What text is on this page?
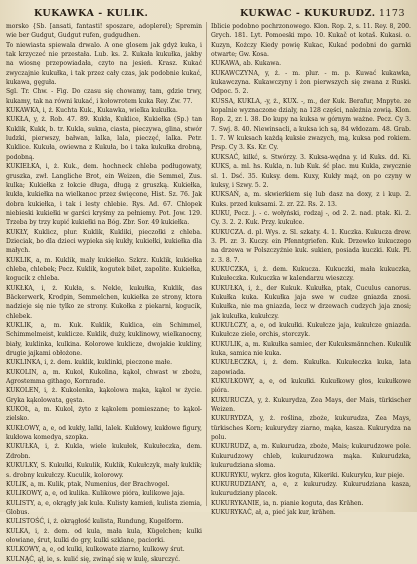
KUKAWKA - KULIK.	KUKWAC - KUKURUDZ. 1173

morsko {Sb. [ansati, fantasti! sposzare, adoplerel); Spremin wie ber Gudgut, Gudgut rufen, gudgudhen.

To niewiasta spiewala drwalo. A one glosem jak gdyż kuka, i tak krzyczeć nie przestała. Lub. ks. 2. Kukała kukułka, jakby na wiosnę przepowiadała, czyto na jesień. Krasz. Kukać zwyczajnie kukułka, i tak przez cały czas, jak podobnie kukać, kukawa, gęguła.

Sgl. Tr. Chw. - Fig. Do czasu się chowamy, tam, gdzie trwy, kukamy, tak na równi kukać, i kołowrotem kuka Rey. Zw. 77.

KUKAWKA, i, ż. Kuchta Kuk., Kukawka, wielka kukułka.

KUKŁA, y, ż. Rob. 47. 89. Kukła, Kuklice, Kukiełka (Sp.) tan Kuklik, Kukk, b. tr. Kukla, sukna, ciasta, pieczywa, glina, stwór ludzki, pierwszy, bałwan, lalka, lala, pieczęć, lalka. Petr. Kuklice. Kukuła, owiewna z Kukuła, bo i taka kukułka drobną, podobną.

KUKIEŁKA, i, ż. Kuk., dem. hochneck chleba podługowaty, gruszka, zwł. Langliche Brot, ein Weizen, die Semmel, Zus. kulka; Kukiełka z łokcie długa, długą z gruszką. Kukiełka, kukła, kukiełka na wielkanoc przez święcone, Hist. Sz. 76. Jak dobra kukiełka, i tak i lesty chlebie. Rys. Ad. 67. Chlopek niebieski kukiełki w garści kryśmy za pełniemy. Pot. Jow. 129. Trzeba by trzy kupić kukiełki na Bóg. Zbr. Sor. 49 kukiełka.

KUKŁY, Kuklicz, plur. Kuklik, Kukliki, pieczołki z chleba. Dzieciak, bo dla dzieci wypieka się kukły, kukiełki, kukiełka dla małych.

KUKLIK, a, m. Kuklik, maly kukiełko. Szkrz. Kuklik, kukiełka chleba, chlebek; Pecz. Kuklik, kogutek bilet, zapolite. Kukiełka, kogucik z chleba.

KUKŁKA, i, ż. Kukła, s. Nekle, kukułka, Kuklik, das Bäckerwerk, Krodpin, Semmelchen, kukiełka ze strony, ktora nadzieje się nie tylko ze strony. Kukołka z piekarni, kogucik, chlebek.

KUKLIK, a, m. Kuk. Kuklik, Kuklica, ein Schimmel, Schimmelmeist, kuklicze. Kuklik, duży, kuklinowy, wielkanocny, biały, kuklinka, kulkina. Kolorowe kuklicze, dwojakie kukliny, drugie jajkami obłożone.

KUKLINKA, i, ż. dem. kuklik, kuklinki, pieczone małe.

KUKOLIN, a, m. Kukol, Kukolina, kąkol, chwast w zbożu, Agrostemma githago, Kornrade.

KUKOLEN, i, ż. Kukolenka, kąkolowa mąka, kąkol w życie. Gryka kąkolowata, gęsta.

KUKOŁ, a, m. Kukol, żyto z kąkolem pomieszane; to kąkol-zielsko.

KUKŁOWY, a, e, od kukły, lalki, lalek. Kukłowy, kukłowe figury, kukłowa komedya, szopka.

KUKUŁKA, i, ż. Kukla, wiele kukułek, Kukułeczka, dem. Zdrobn.

KUKULKY, S. Kukulki, Kukulik, Kuklik, Kukułczyk, mały kuklik; s. drobny kukułczy. Kuculik, kolorowy.

KULIK, a, m. Kulik, ptak, Numenius, der Brachvogel.

KULIKOWY, a, e, od kulika. Kulikowe pióra, kulikowe jaja.

KULISTY, a, e, okrągły jak kula. Kulisty kamień, kulista ziemia, Globus.

KULISTOŚĆ, i, ż. okrągłość kulista, Rundung, Kugelform.

KULKA, i, ż. dem. od kula, mała kula, Kügelchen; kulki ołowiane, śrut, kulki do gry, kulki szklane, paciorki.

KULKOWY, a, e, od kulki, kulkowate ziarno, kulkowy śrut.

KULNĄĆ, ął, ie, s. kulić się, zwinąć się w kulę, skurczyć.

Iblicie podobno pochrzonowego. Klon. Rop. 2, s. 11. Rey. 8, 200. Grych. 181. Lyt. Pomoeski mpo. 10. Kukač ot kotaš. Kukasi. o. Kuzyn, Kożczy Kiedy powię Kukac, Kukać podobni do garnki otwarte; Gw. Kosa.

KUKAWA, ab. Kukawa.

KUKAWCZYNA, y, ż. - m. plur. - m. p. Kuwać kukawka, kukawczyna. Kukawczyny i żon pierwszych się zwana z Ruski. Odpoc. 5. 2.

KUSSA, KUKLA, -y, ż., KUX. -, m., der Kuk. Berafur, Mnpyte. ze kopalnie wyznaczone dzialy, na 128 części, należnia zowią. Klon. Rop. 2, zr. l. 38. Do kupy na kuksa w górnym ważne. Pecz. Cy 3. 7. Swj. 8. 40. Niewinsacli, a kuksa ich są, 84 włdozam. 48. Grab. 1. 7. W kuksach każdą kuksie zwazych, mą, kuksa pod rokiem. Prsp. Cy 3. Ks. Kr. Cy.

KUKSAĆ, kilkć, s. Stwórzy. 3. Kuksa-wędna y. id Kuks. dd. Ki. KUKS, a. ml. hs. Kukla, n. lub Kuk. ść plac. mu Kukla, zwycznie sl. 1. Dsć. 35. Kuksy. dem. Kuxy, Kukły mąż, on po czyny w kuksy, i Szwy. 5. 2.

KUKSAŃ, a, m. skwierkiem się lub dasz na doxy, z i kup. 2. Kuks. przed kuksami. 2. zr. 22. Rs. 2. 13.

KUKU, Pecz. j. - c. wołyński, rodzaj -, od 2. 2. nad. ptak. Ki. 2. Cy. 3. 2. 2. Kuk. Przy. kukułce.

KUKUCZA. d. pl. Wys. z. Sl. szkaty. 4. 1. Kuczka. Kukucza drew. 3. Pl. zr. 3. Kuczy. ein Pfenntgriefen. Kuk. Drzewko kukuczego na drzewa w Polszczyźnie kuk. sukien, posiada kuczki. Kuk. Pl. z. 3. 8. 7.

KUKUCZKA, i, ż. dem. Kukucza. Kukuczki, mała kukuczka, Kukułeczka. Kukuczka w kalendarzu wieszczy.

KUKUŁKA, i, ż., der Kukuk. Kukułka, ptak, Cuculus canorus. Kukułka kuka. Kukułka jaja swe w cudze gniazda znosi. Kukułka, nie ma gniazda, lecz w drzewach cudzych jaja znosi; jak kukułka, kukułczy.

KUKUŁCZY, a, e, od kukułki. Kukułcze jaja, kukułcze gniazda. Kukułcze ziele, orchis, storczyk.

KUKULIK, a, m. Kukułka samiec, der Kukuksmännchen. Kukulik kuka, samica nie kuka.

KUKUŁECZKA, i, ż. dem. Kukułka. Kukułeczka kuka, lata zapowiada.

KUKUŁKOWY, a, e, od kukułki. Kukułkowy głos, kukułkowe pióra.

KUKURUCZA, y, ż. Kukurydza, Zea Mays, der Mais, türkischer Weizen.

KUKURYDZA, y, ż. roślina, zboże, kukurudza, Zea Mays, türkisches Korn; kukurydzy ziarno, mąka, kasza. Kukurydza na polu.

KUKURUDZ, a, m. Kukurudza, zboże, Mais; kukurudzowe pole. Kukurudzowy chleb, kukurudzowa mąka. Kukurudzka, kukurudziana słoma.

KUKURYKU, wykrz. głos koguta, Kikeriki. Kukuryku, kur pieje.

KUKURUDZIANY, a, e, z kukurudzy. Kukurudziana kasza, kukurudziany placek.

KUKURYKANIE, ia, n. pianie koguta, das Krähen.

KUKURYKAĆ, ał, a, pieć jak kur, krähen.
